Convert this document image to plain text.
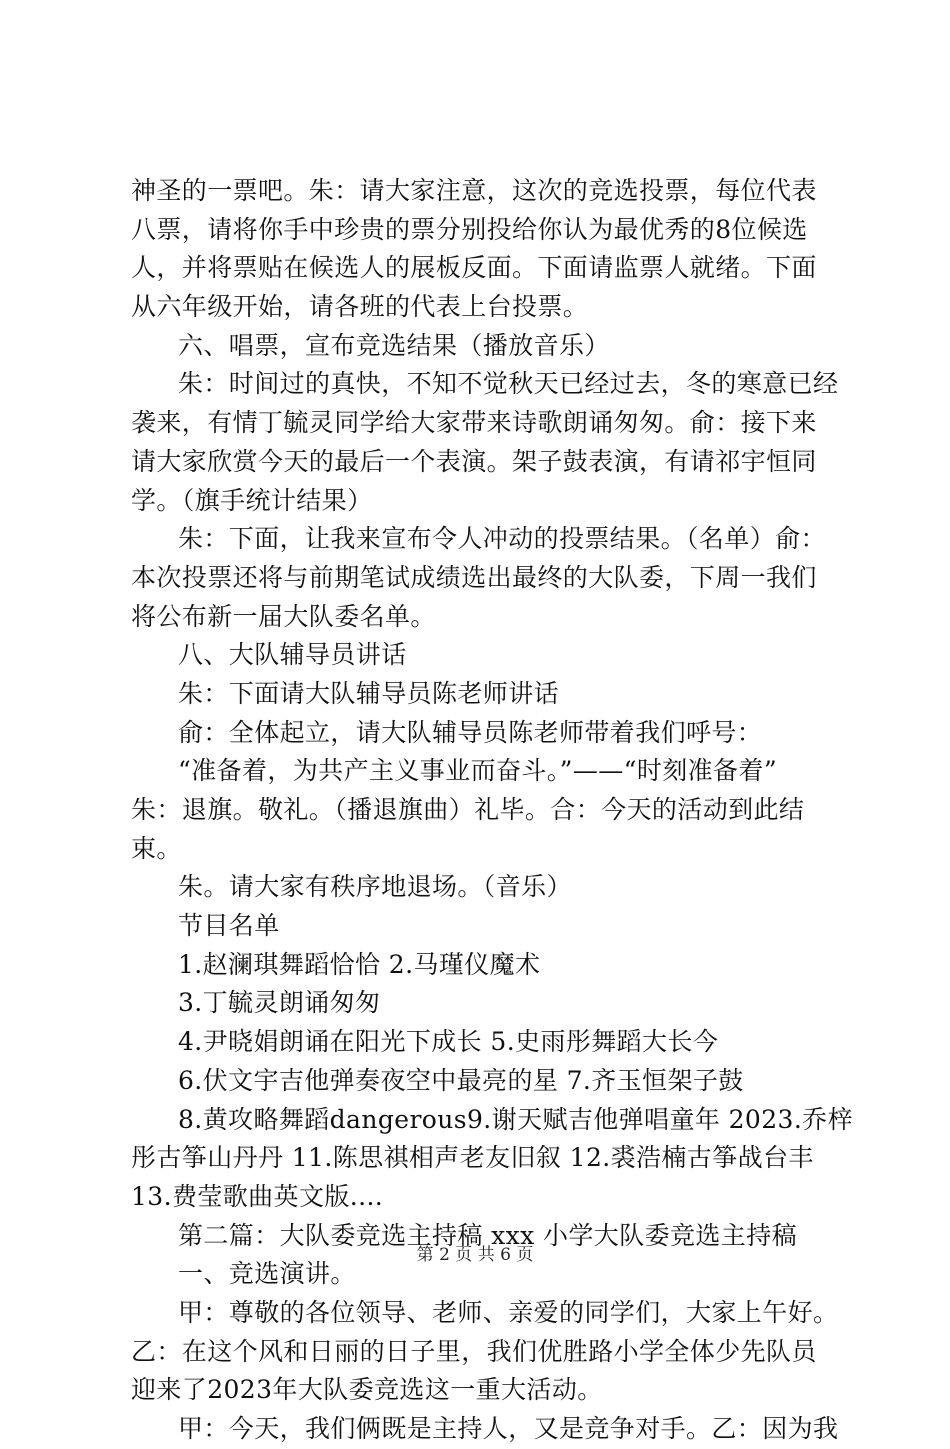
神圣的一票吧。朱：请大家注意，这次的竞选投票，每位代表
八票，请将你手中珍贵的票分别投给你认为最优秀的8位候选
人，并将票贴在候选人的展板反面。下面请监票人就绪。下面
从六年级开始，请各班的代表上台投票。
六、唱票，宣布竞选结果（播放音乐）
朱：时间过的真快，不知不觉秋天已经过去，冬的寒意已经
袭来，有情丁毓灵同学给大家带来诗歌朗诵匆匆。俞：接下来
请大家欣赏今天的最后一个表演。架子鼓表演，有请祁宇恒同
学。（旗手统计结果）
朱：下面，让我来宣布令人冲动的投票结果。（名单）俞：
本次投票还将与前期笔试成绩选出最终的大队委，下周一我们
将公布新一届大队委名单。
八、大队辅导员讲话
朱：下面请大队辅导员陈老师讲话
俞：全体起立，请大队辅导员陈老师带着我们呼号：
“准备着，为共产主义事业而奋斗。”——“时刻准备着”
朱：退旗。敬礼。（播退旗曲）礼毕。合：今天的活动到此结
束。
朱。请大家有秩序地退场。（音乐）
节目名单
1.赵澜琪舞蹈恰恰 2.马瑾仪魔术
3.丁毓灵朗诵匆匆
4.尹晓娟朗诵在阳光下成长 5.史雨彤舞蹈大长今
6.伏文宇吉他弹奏夜空中最亮的星 7.齐玉恒架子鼓
8.黄攻略舞蹈dangerous9.谢天赋吉他弹唱童年 2023.乔梓
彤古筝山丹丹 11.陈思祺相声老友旧叙 12.裘浩楠古筝战台丰
13.费莹歌曲英文版....
第二篇：大队委竞选主持稿 xxx 小学大队委竞选主持稿
一、竞选演讲。
甲：尊敬的各位领导、老师、亲爱的同学们，大家上午好。
乙：在这个风和日丽的日子里，我们优胜路小学全体少先队员
迎来了2023年大队委竞选这一重大活动。
甲：今天，我们俩既是主持人，又是竞争对手。乙：因为我
第 2 页 共 6 页
